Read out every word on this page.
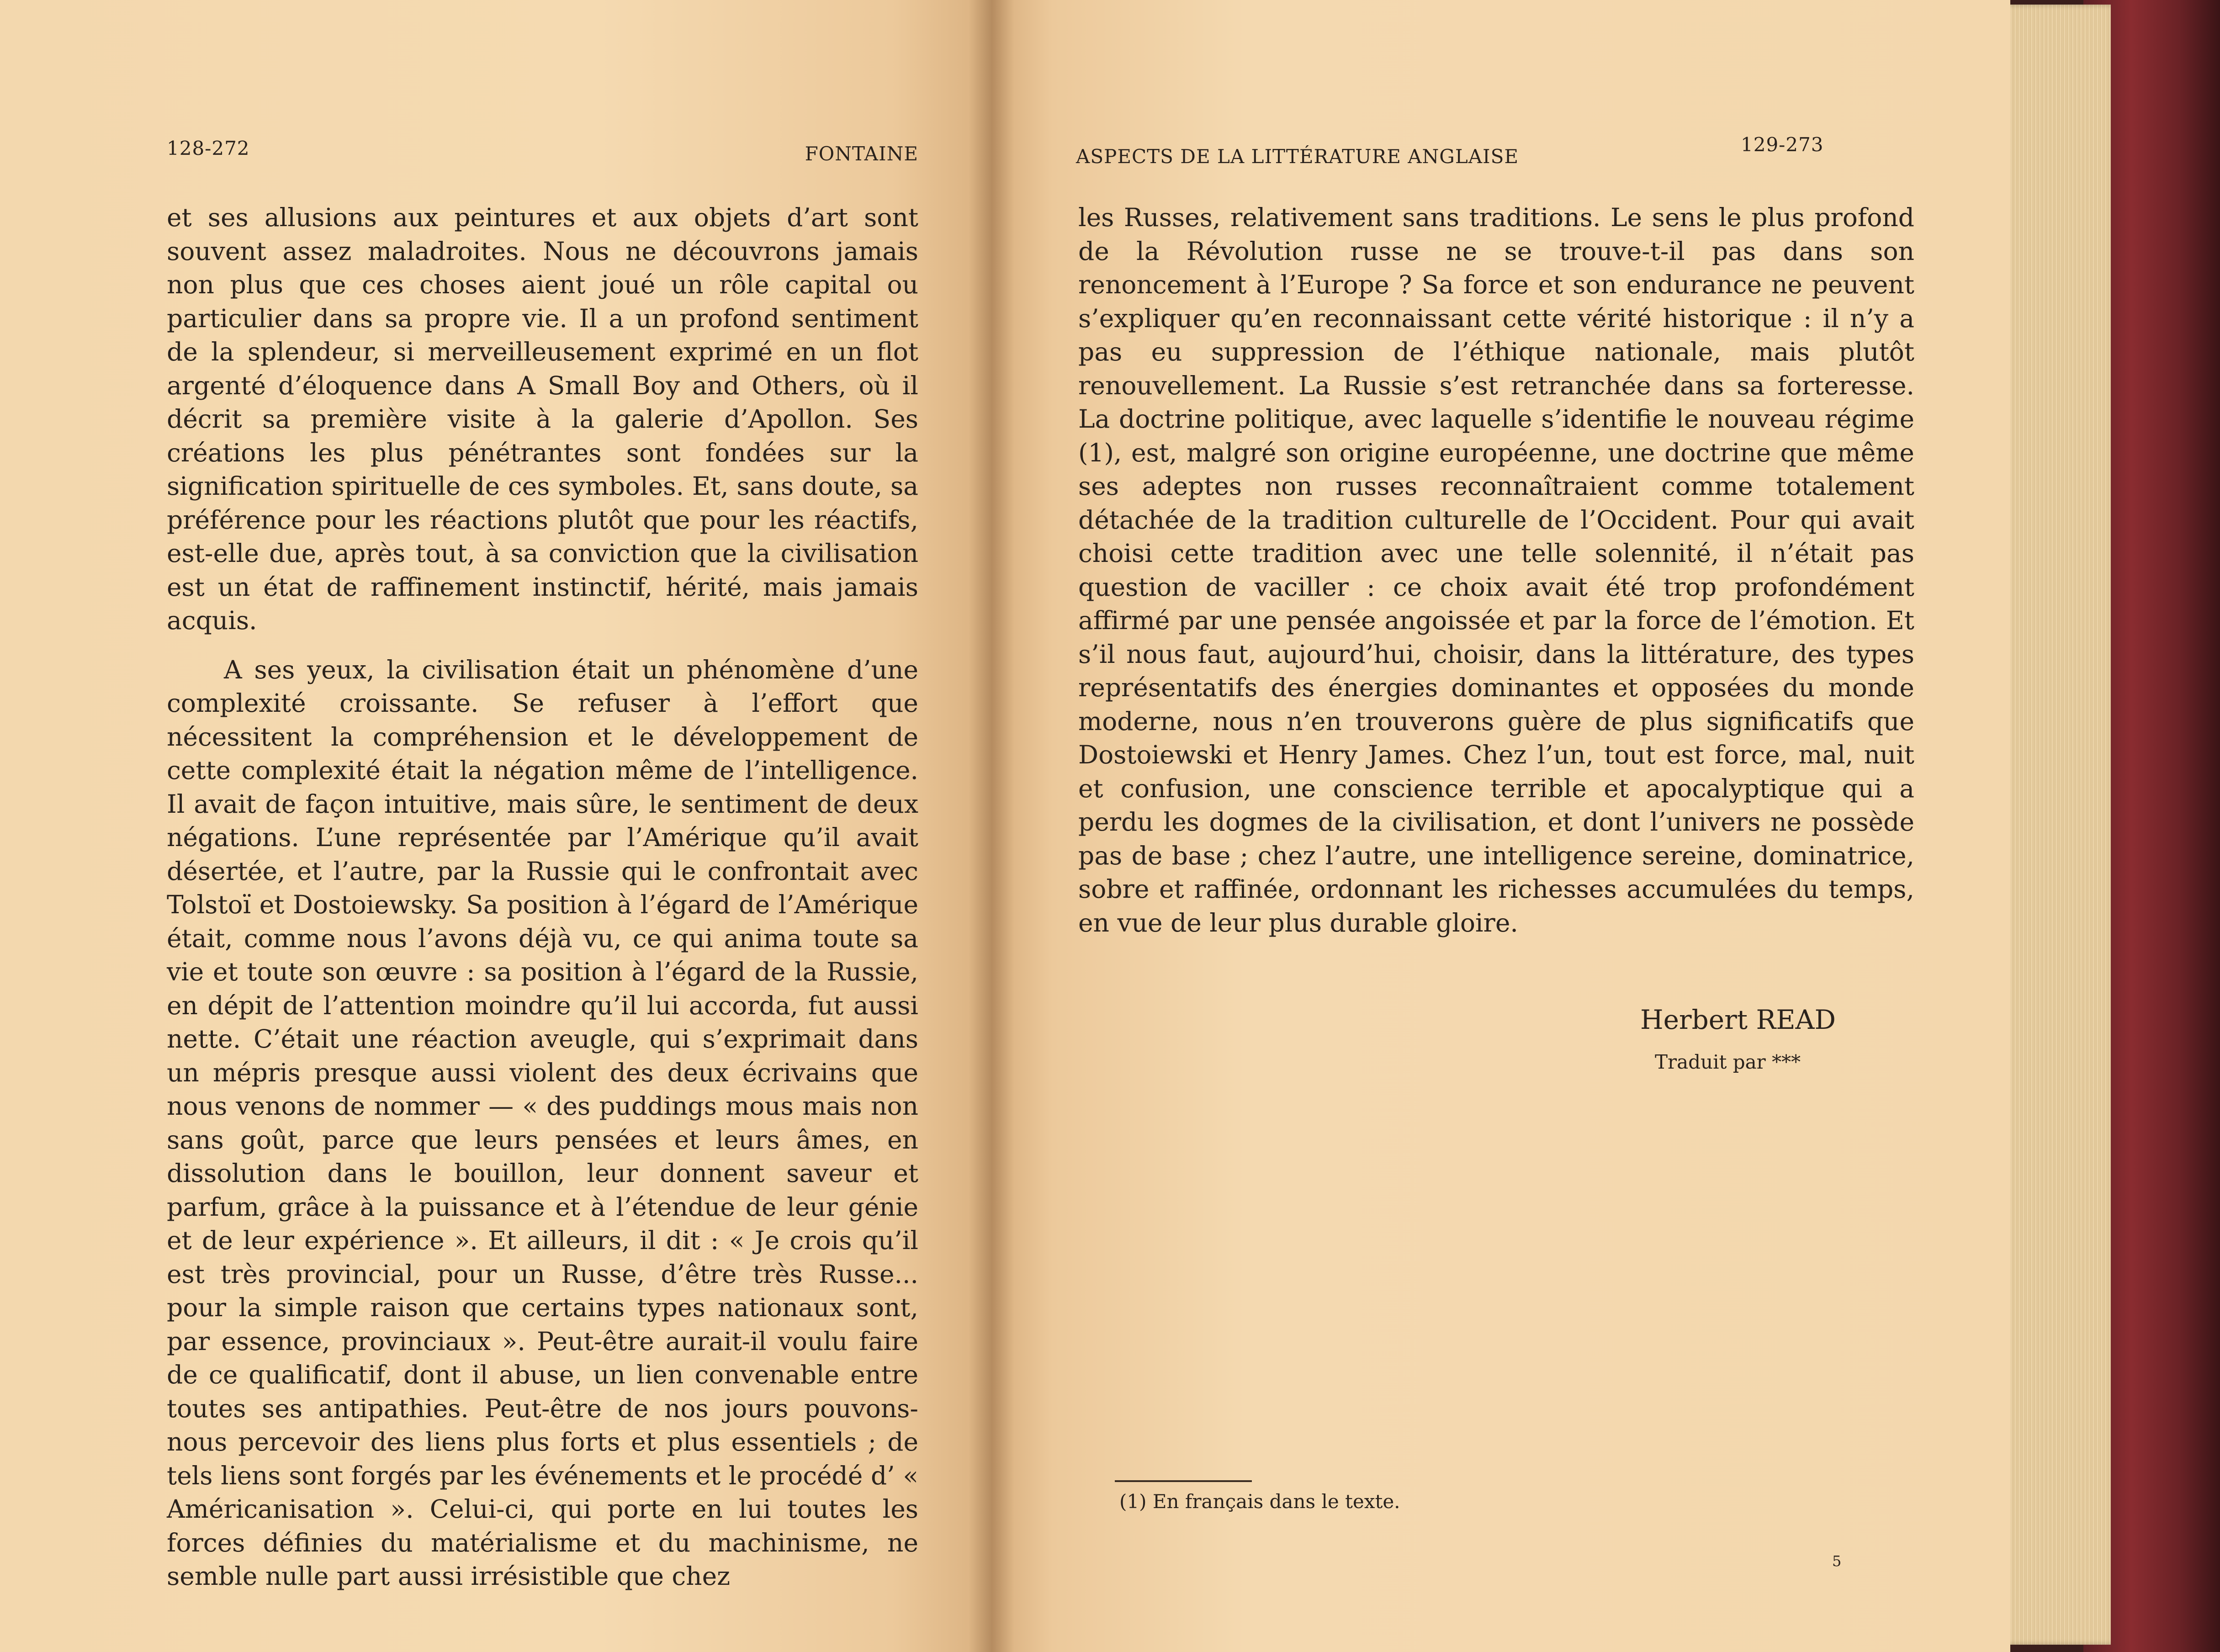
128-272	FONTAINE

et ses allusions aux peintures et aux objets d’art sont souvent assez maladroites. Nous ne découvrons jamais non plus que ces choses aient joué un rôle capital ou particulier dans sa propre vie. Il a un profond sentiment de la splendeur, si merveilleusement exprimé en un flot argenté d’éloquence dans A Small Boy and Others, où il décrit sa première visite à la galerie d’Apollon. Ses créations les plus pénétrantes sont fondées sur la signification spirituelle de ces symboles. Et, sans doute, sa préférence pour les réactions plutôt que pour les réactifs, est-elle due, après tout, à sa conviction que la civilisation est un état de raffinement instinctif, hérité, mais jamais acquis.

A ses yeux, la civilisation était un phénomène d’une complexité croissante. Se refuser à l’effort que nécessitent la compréhension et le développement de cette complexité était la négation même de l’intelligence. Il avait de façon intuitive, mais sûre, le sentiment de deux négations. L’une représentée par l’Amérique qu’il avait désertée, et l’autre, par la Russie qui le confrontait avec Tolstoï et Dostoiewsky. Sa position à l’égard de l’Amérique était, comme nous l’avons déjà vu, ce qui anima toute sa vie et toute son œuvre : sa position à l’égard de la Russie, en dépit de l’attention moindre qu’il lui accorda, fut aussi nette. C’était une réaction aveugle, qui s’exprimait dans un mépris presque aussi violent des deux écrivains que nous venons de nommer — « des puddings mous mais non sans goût, parce que leurs pensées et leurs âmes, en dissolution dans le bouillon, leur donnent saveur et parfum, grâce à la puissance et à l’étendue de leur génie et de leur expérience ». Et ailleurs, il dit : « Je crois qu’il est très provincial, pour un Russe, d’être très Russe... pour la simple raison que certains types nationaux sont, par essence, provinciaux ». Peut-être aurait-il voulu faire de ce qualificatif, dont il abuse, un lien convenable entre toutes ses antipathies. Peut-être de nos jours pouvons-nous percevoir des liens plus forts et plus essentiels ; de tels liens sont forgés par les événements et le procédé d’ « Américanisation ». Celui-ci, qui porte en lui toutes les forces définies du matérialisme et du machinisme, ne semble nulle part aussi irrésistible que chez

ASPECTS DE LA LITTÉRATURE ANGLAISE
129-273

les Russes, relativement sans traditions. Le sens le plus profond de la Révolution russe ne se trouve-t-il pas dans son renoncement à l’Europe ? Sa force et son endurance ne peuvent s’expliquer qu’en reconnaissant cette vérité historique : il n’y a pas eu suppression de l’éthique nationale, mais plutôt renouvellement. La Russie s’est retranchée dans sa forteresse. La doctrine politique, avec laquelle s’identifie le nouveau régime (1), est, malgré son origine européenne, une doctrine que même ses adeptes non russes reconnaîtraient comme totalement détachée de la tradition culturelle de l’Occident. Pour qui avait choisi cette tradition avec une telle solennité, il n’était pas question de vaciller : ce choix avait été trop profondément affirmé par une pensée angoissée et par la force de l’émotion. Et s’il nous faut, aujourd’hui, choisir, dans la littérature, des types représentatifs des énergies dominantes et opposées du monde moderne, nous n’en trouverons guère de plus significatifs que Dostoiewski et Henry James. Chez l’un, tout est force, mal, nuit et confusion, une conscience terrible et apocalyptique qui a perdu les dogmes de la civilisation, et dont l’univers ne possède pas de base ; chez l’autre, une intelligence sereine, dominatrice, sobre et raffinée, ordonnant les richesses accumulées du temps, en vue de leur plus durable gloire.

Herbert READ
Traduit par ***
5
(1) En français dans le texte.
